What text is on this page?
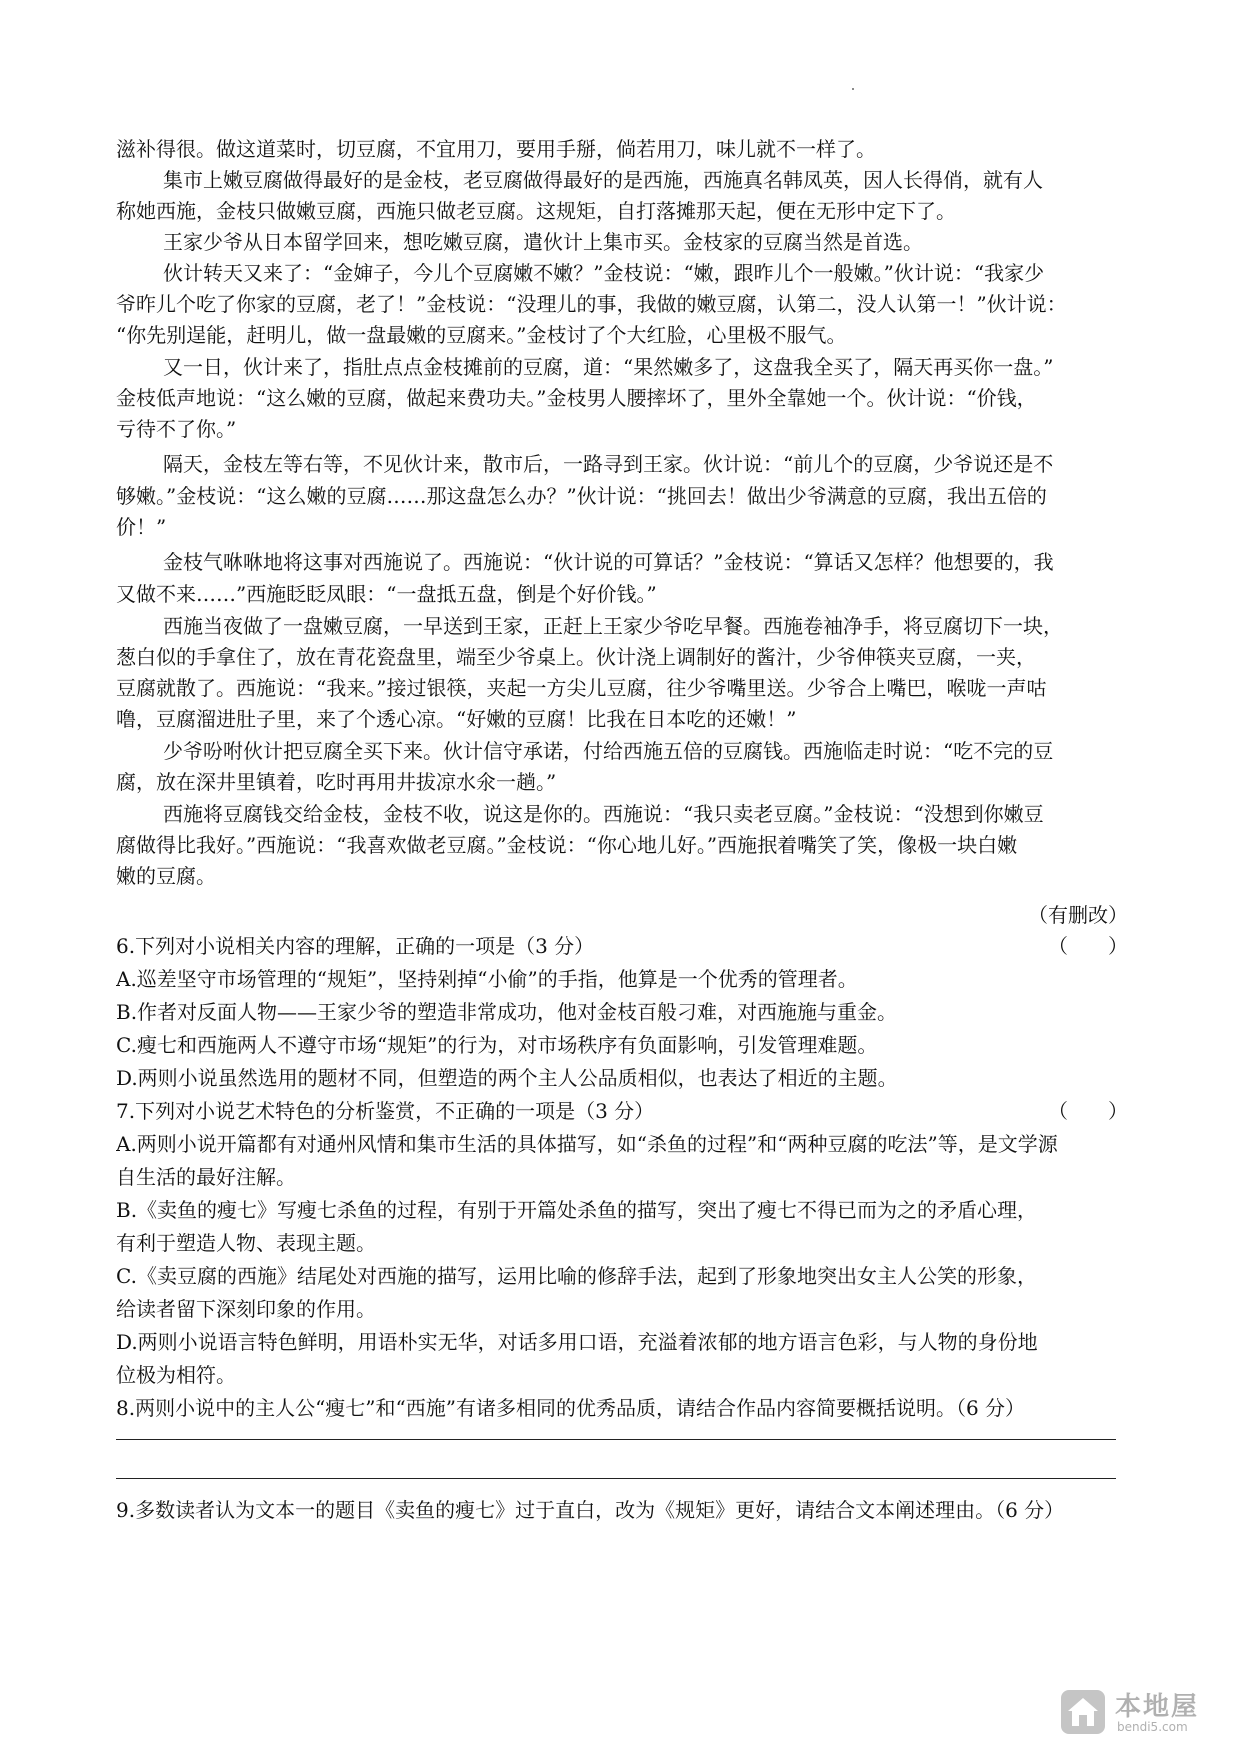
滋补得很。做这道菜时，切豆腐，不宜用刀，要用手掰，倘若用刀，味儿就不一样了。
集市上嫩豆腐做得最好的是金枝，老豆腐做得最好的是西施，西施真名韩凤英，因人长得俏，就有人
称她西施，金枝只做嫩豆腐，西施只做老豆腐。这规矩，自打落摊那天起，便在无形中定下了。
王家少爷从日本留学回来，想吃嫩豆腐，遣伙计上集市买。金枝家的豆腐当然是首选。
伙计转天又来了：“金婶子，今儿个豆腐嫩不嫩？”金枝说：“嫩，跟昨儿个一般嫩。”伙计说：“我家少
爷昨儿个吃了你家的豆腐，老了！”金枝说：“没理儿的事，我做的嫩豆腐，认第二，没人认第一！”伙计说：
“你先别逞能，赶明儿，做一盘最嫩的豆腐来。”金枝讨了个大红脸，心里极不服气。
又一日，伙计来了，指肚点点金枝摊前的豆腐，道：“果然嫩多了，这盘我全买了，隔天再买你一盘。”
金枝低声地说：“这么嫩的豆腐，做起来费功夫。”金枝男人腰摔坏了，里外全靠她一个。伙计说：“价钱，
亏待不了你。”
隔天，金枝左等右等，不见伙计来，散市后，一路寻到王家。伙计说：“前儿个的豆腐，少爷说还是不
够嫩。”金枝说：“这么嫩的豆腐……那这盘怎么办？”伙计说：“挑回去！做出少爷满意的豆腐，我出五倍的
价！”
金枝气咻咻地将这事对西施说了。西施说：“伙计说的可算话？”金枝说：“算话又怎样？他想要的，我
又做不来……”西施眨眨凤眼：“一盘抵五盘，倒是个好价钱。”
西施当夜做了一盘嫩豆腐，一早送到王家，正赶上王家少爷吃早餐。西施卷袖净手，将豆腐切下一块，
葱白似的手拿住了，放在青花瓷盘里，端至少爷桌上。伙计浇上调制好的酱汁，少爷伸筷夹豆腐，一夹，
豆腐就散了。西施说：“我来。”接过银筷，夹起一方尖儿豆腐，往少爷嘴里送。少爷合上嘴巴，喉咙一声咕
噜，豆腐溜进肚子里，来了个透心凉。“好嫩的豆腐！比我在日本吃的还嫩！”
少爷吩咐伙计把豆腐全买下来。伙计信守承诺，付给西施五倍的豆腐钱。西施临走时说：“吃不完的豆
腐，放在深井里镇着，吃时再用井拔凉水氽一趟。”
西施将豆腐钱交给金枝，金枝不收，说这是你的。西施说：“我只卖老豆腐。”金枝说：“没想到你嫩豆
腐做得比我好。”西施说：“我喜欢做老豆腐。”金枝说：“你心地儿好。”西施抿着嘴笑了笑，像极一块白嫩
嫩的豆腐。
（有删改）
6.下列对小说相关内容的理解，正确的一项是（3 分）	（　　）
A.巡差坚守市场管理的“规矩”，坚持剁掉“小偷”的手指，他算是一个优秀的管理者。
B.作者对反面人物——王家少爷的塑造非常成功，他对金枝百般刁难，对西施施与重金。
C.瘦七和西施两人不遵守市场“规矩”的行为，对市场秩序有负面影响，引发管理难题。
D.两则小说虽然选用的题材不同，但塑造的两个主人公品质相似，也表达了相近的主题。
7.下列对小说艺术特色的分析鉴赏，不正确的一项是（3 分）	（　　）
A.两则小说开篇都有对通州风情和集市生活的具体描写，如“杀鱼的过程”和“两种豆腐的吃法”等，是文学源
自生活的最好注解。
B.《卖鱼的瘦七》写瘦七杀鱼的过程，有别于开篇处杀鱼的描写，突出了瘦七不得已而为之的矛盾心理，
有利于塑造人物、表现主题。
C.《卖豆腐的西施》结尾处对西施的描写，运用比喻的修辞手法，起到了形象地突出女主人公笑的形象，
给读者留下深刻印象的作用。
D.两则小说语言特色鲜明，用语朴实无华，对话多用口语，充溢着浓郁的地方语言色彩，与人物的身份地
位极为相符。
8.两则小说中的主人公“瘦七”和“西施”有诸多相同的优秀品质，请结合作品内容简要概括说明。（6 分）
9.多数读者认为文本一的题目《卖鱼的瘦七》过于直白，改为《规矩》更好，请结合文本阐述理由。（6 分）
本地屋
bendi5.com
